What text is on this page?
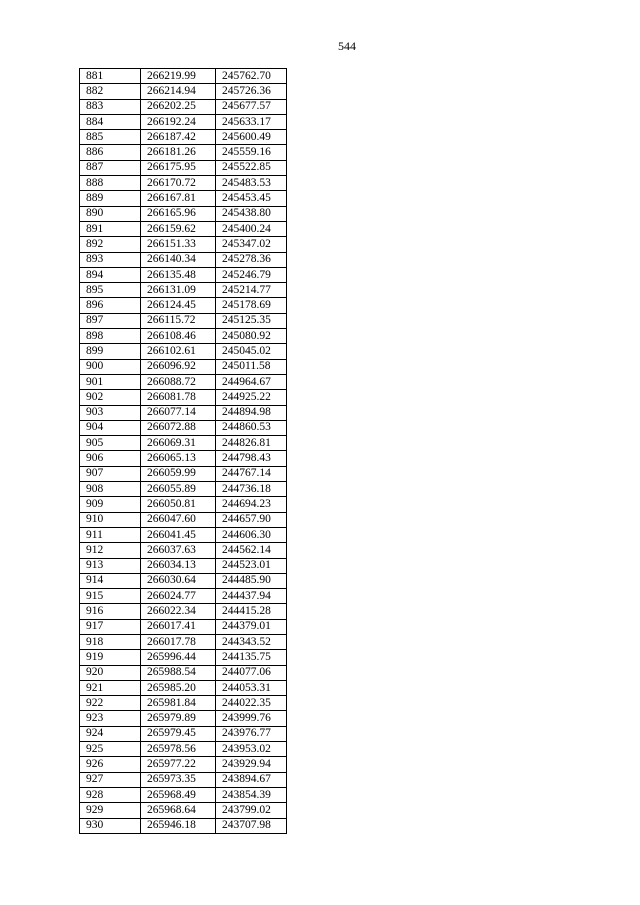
544
881	266219.99	245762.70
882	266214.94	245726.36
883	266202.25	245677.57
884	266192.24	245633.17
885	266187.42	245600.49
886	266181.26	245559.16
887	266175.95	245522.85
888	266170.72	245483.53
889	266167.81	245453.45
890	266165.96	245438.80
891	266159.62	245400.24
892	266151.33	245347.02
893	266140.34	245278.36
894	266135.48	245246.79
895	266131.09	245214.77
896	266124.45	245178.69
897	266115.72	245125.35
898	266108.46	245080.92
899	266102.61	245045.02
900	266096.92	245011.58
901	266088.72	244964.67
902	266081.78	244925.22
903	266077.14	244894.98
904	266072.88	244860.53
905	266069.31	244826.81
906	266065.13	244798.43
907	266059.99	244767.14
908	266055.89	244736.18
909	266050.81	244694.23
910	266047.60	244657.90
911	266041.45	244606.30
912	266037.63	244562.14
913	266034.13	244523.01
914	266030.64	244485.90
915	266024.77	244437.94
916	266022.34	244415.28
917	266017.41	244379.01
918	266017.78	244343.52
919	265996.44	244135.75
920	265988.54	244077.06
921	265985.20	244053.31
922	265981.84	244022.35
923	265979.89	243999.76
924	265979.45	243976.77
925	265978.56	243953.02
926	265977.22	243929.94
927	265973.35	243894.67
928	265968.49	243854.39
929	265968.64	243799.02
930	265946.18	243707.98
